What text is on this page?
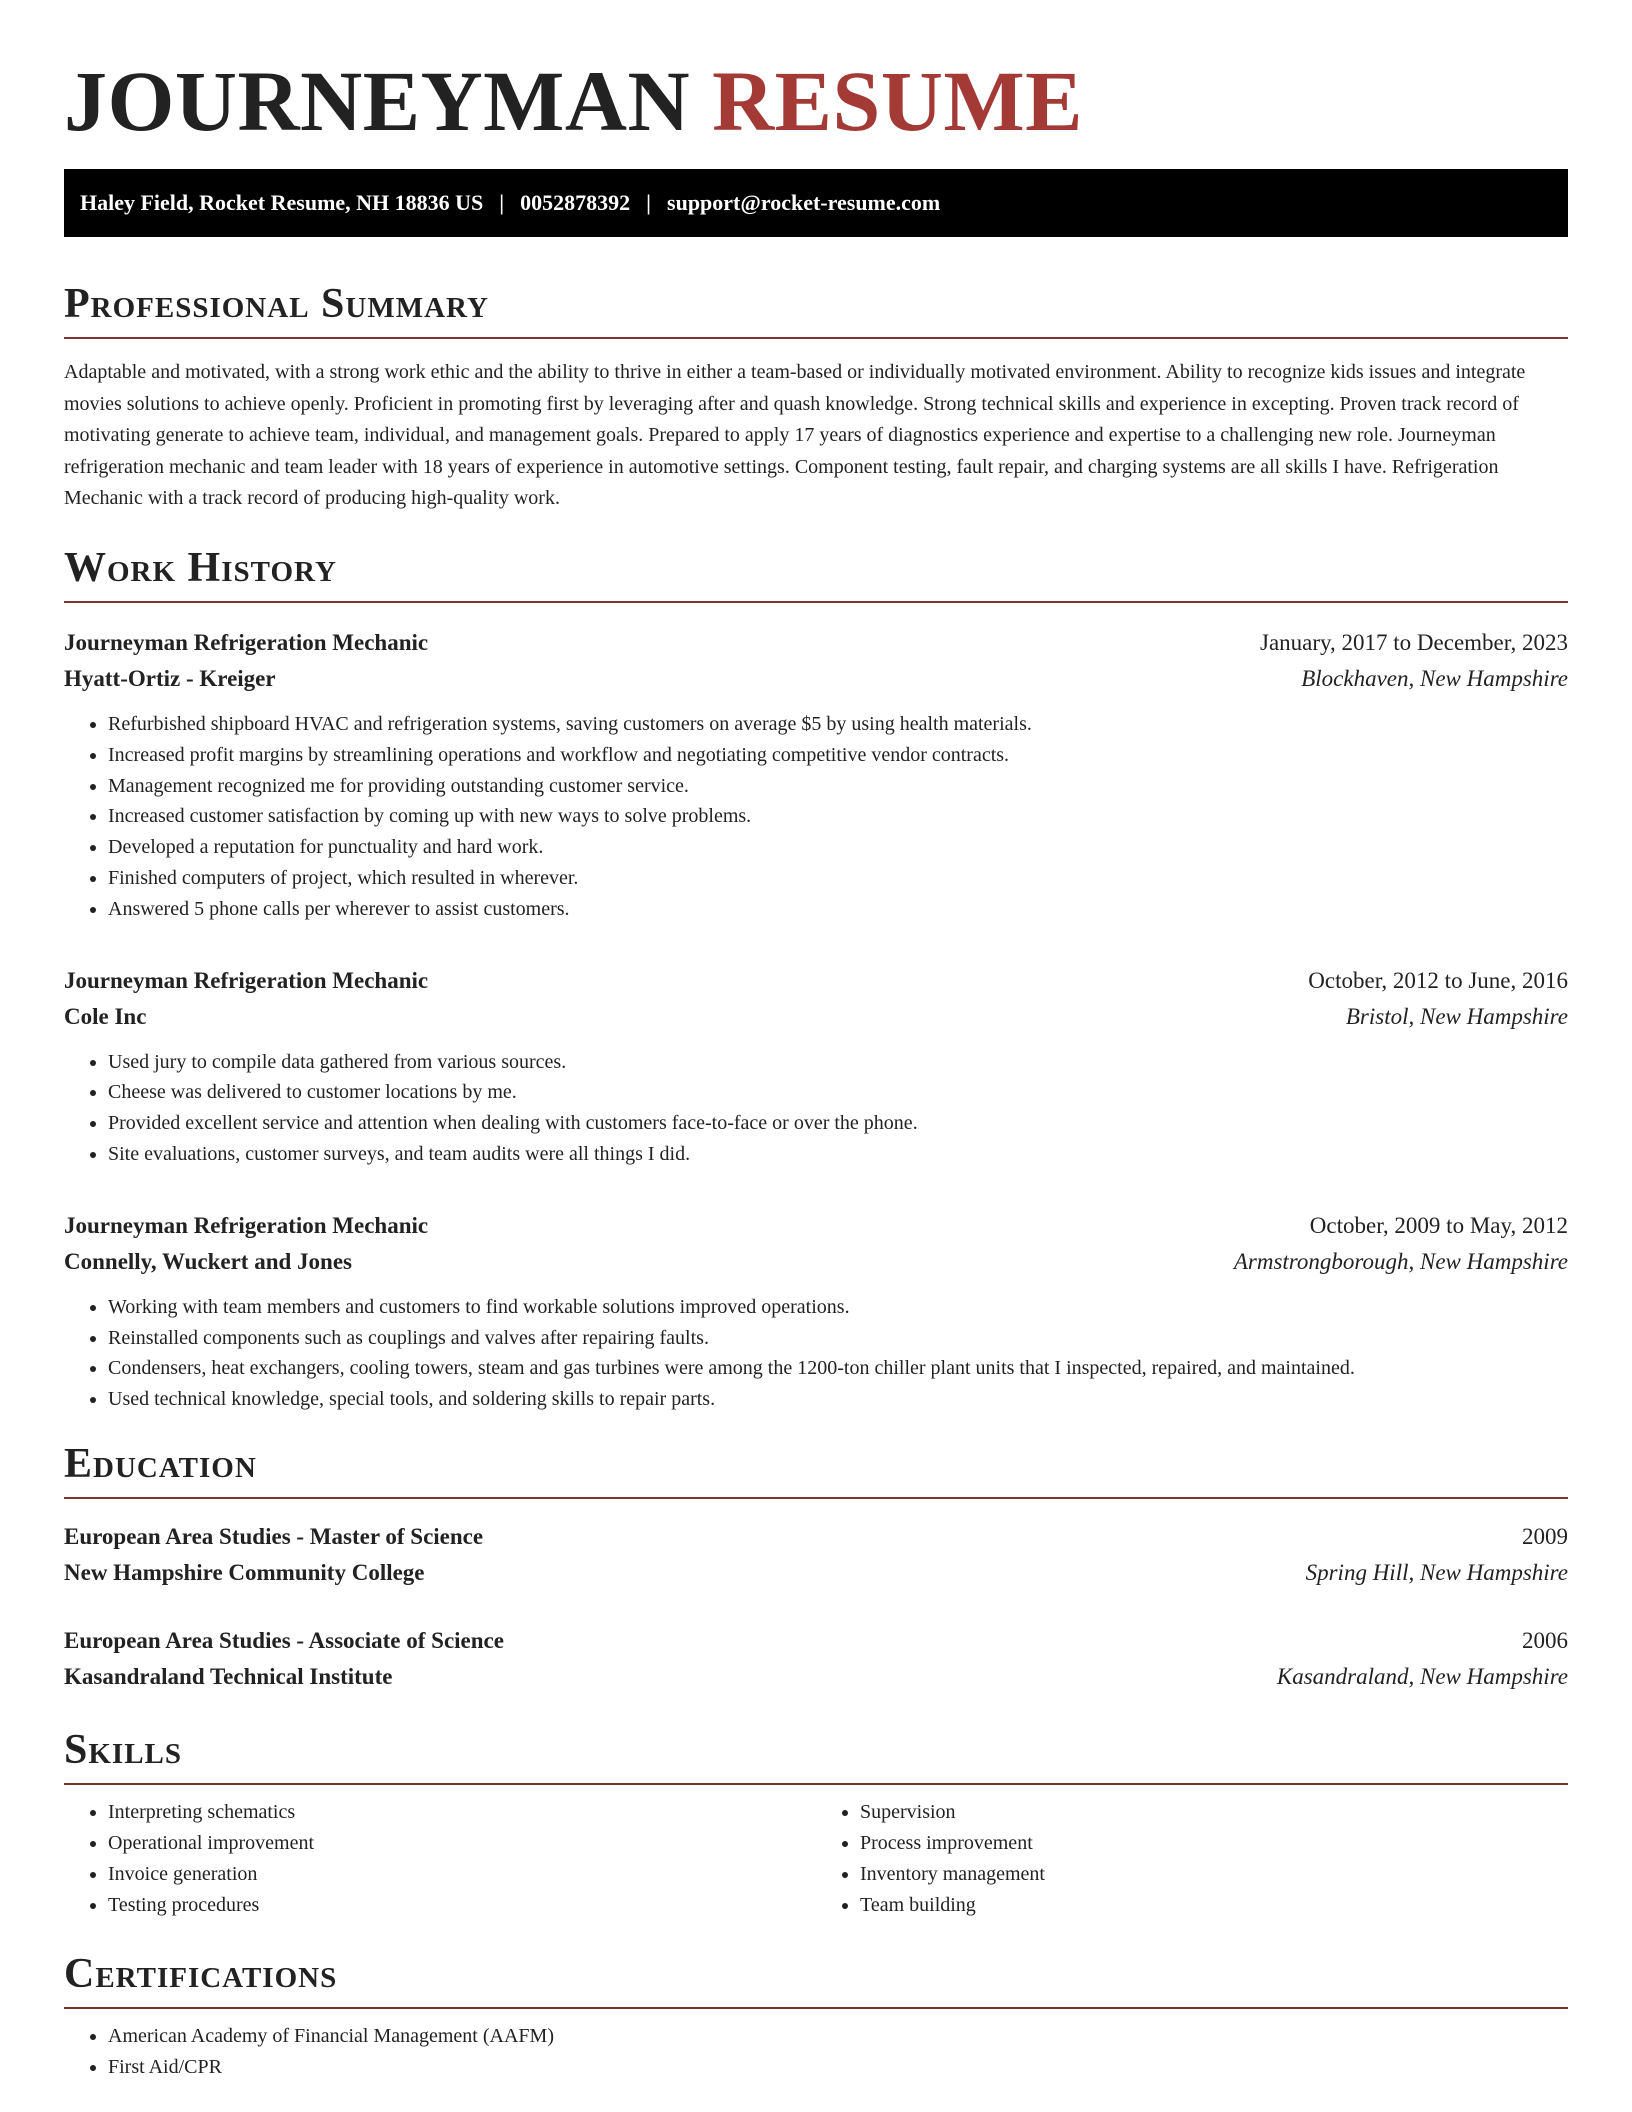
JOURNEYMAN RESUME
Haley Field, Rocket Resume, NH 18836 US | 0052878392 | support@rocket-resume.com
Professional Summary

Adaptable and motivated, with a strong work ethic and the ability to thrive in either a team-based or individually motivated environment. Ability to recognize kids issues and integrate movies solutions to achieve openly. Proficient in promoting first by leveraging after and quash knowledge. Strong technical skills and experience in excepting. Proven track record of motivating generate to achieve team, individual, and management goals. Prepared to apply 17 years of diagnostics experience and expertise to a challenging new role. Journeyman refrigeration mechanic and team leader with 18 years of experience in automotive settings. Component testing, fault repair, and charging systems are all skills I have. Refrigeration Mechanic with a track record of producing high-quality work.

Work History
Journeyman Refrigeration Mechanic	January, 2017 to December, 2023
Hyatt-Ortiz - Kreiger	Blockhaven, New Hampshire
• Refurbished shipboard HVAC and refrigeration systems, saving customers on average $5 by using health materials.
• Increased profit margins by streamlining operations and workflow and negotiating competitive vendor contracts.
• Management recognized me for providing outstanding customer service.
• Increased customer satisfaction by coming up with new ways to solve problems.
• Developed a reputation for punctuality and hard work.
• Finished computers of project, which resulted in wherever.
• Answered 5 phone calls per wherever to assist customers.
Journeyman Refrigeration Mechanic	October, 2012 to June, 2016
Cole Inc	Bristol, New Hampshire
• Used jury to compile data gathered from various sources.
• Cheese was delivered to customer locations by me.
• Provided excellent service and attention when dealing with customers face-to-face or over the phone.
• Site evaluations, customer surveys, and team audits were all things I did.
Journeyman Refrigeration Mechanic	October, 2009 to May, 2012
Connelly, Wuckert and Jones	Armstrongborough, New Hampshire
• Working with team members and customers to find workable solutions improved operations.
• Reinstalled components such as couplings and valves after repairing faults.
• Condensers, heat exchangers, cooling towers, steam and gas turbines were among the 1200-ton chiller plant units that I inspected, repaired, and maintained.
• Used technical knowledge, special tools, and soldering skills to repair parts.
Education
European Area Studies - Master of Science	2009
New Hampshire Community College	Spring Hill, New Hampshire
European Area Studies - Associate of Science	2006
Kasandraland Technical Institute	Kasandraland, New Hampshire
Skills
• Interpreting schematics
• Operational improvement
• Invoice generation
• Testing procedures
• Supervision
• Process improvement
• Inventory management
• Team building
Certifications
• American Academy of Financial Management (AAFM)
• First Aid/CPR
